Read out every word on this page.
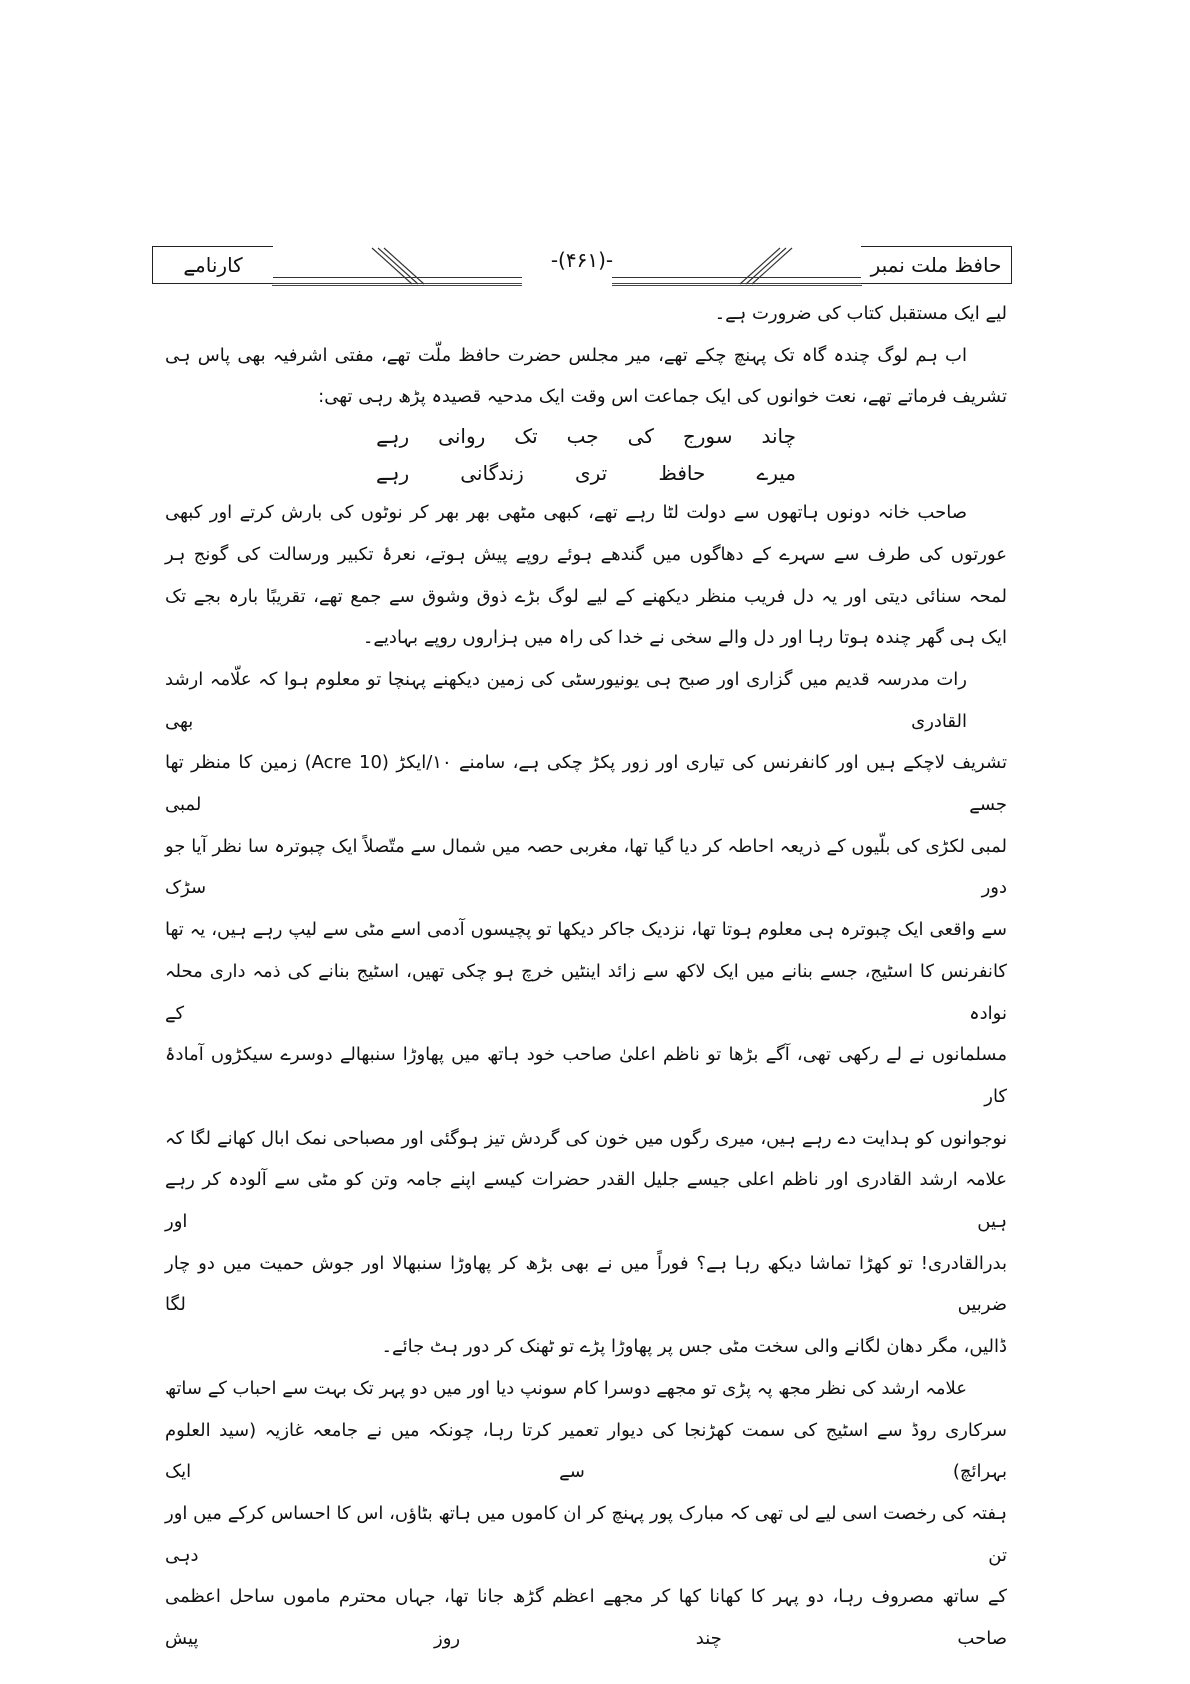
حافظ ملت نمبر
-(۴۶۱)-
کارنامے
لیے ایک مستقبل کتاب کی ضرورت ہے۔
اب ہم لوگ چندہ گاہ تک پہنچ چکے تھے، میر مجلس حضرت حافظ ملّت تھے، مفتی اشرفیہ بھی پاس ہی
تشریف فرماتے تھے، نعت خوانوں کی ایک جماعت اس وقت ایک مدحیہ قصیدہ پڑھ رہی تھی:
چاند
سورج
کی
جب
تک
روانی
رہے
میرے
حافظ
تری
زندگانی
رہے
صاحب خانہ دونوں ہاتھوں سے دولت لٹا رہے تھے، کبھی مٹھی بھر بھر کر نوٹوں کی بارش کرتے اور کبھی
عورتوں کی طرف سے سہرے کے دھاگوں میں گندھے ہوئے روپے پیش ہوتے، نعرۂ تکبیر ورسالت کی گونج ہر
لمحہ سنائی دیتی اور یہ دل فریب منظر دیکھنے کے لیے لوگ بڑے ذوق وشوق سے جمع تھے، تقریبًا بارہ بجے تک
ایک ہی گھر چندہ ہوتا رہا اور دل والے سخی نے خدا کی راہ میں ہزاروں روپے بہادیے۔
رات مدرسہ قدیم میں گزاری اور صبح ہی یونیورسٹی کی زمین دیکھنے پہنچا تو معلوم ہوا کہ علّامہ ارشد القادری بھی
تشریف لاچکے ہیں اور کانفرنس کی تیاری اور زور پکڑ چکی ہے، سامنے ۱۰/ایکڑ (10 Acre) زمین کا منظر تھا جسے لمبی
لمبی لکڑی کی بلّیوں کے ذریعہ احاطہ کر دیا گیا تھا، مغربی حصہ میں شمال سے متّصلاً ایک چبوترہ سا نظر آیا جو دور سڑک
سے واقعی ایک چبوترہ ہی معلوم ہوتا تھا، نزدیک جاکر دیکھا تو پچیسوں آدمی اسے مٹی سے لیپ رہے ہیں، یہ تھا
کانفرنس کا اسٹیج، جسے بنانے میں ایک لاکھ سے زائد اینٹیں خرچ ہو چکی تھیں، اسٹیج بنانے کی ذمہ داری محلہ نوادہ کے
مسلمانوں نے لے رکھی تھی، آگے بڑھا تو ناظم اعلیٰ صاحب خود ہاتھ میں پھاوڑا سنبھالے دوسرے سیکڑوں آمادۂ کار
نوجوانوں کو ہدایت دے رہے ہیں، میری رگوں میں خون کی گردش تیز ہوگئی اور مصباحی نمک ابال کھانے لگا کہ
علامہ ارشد القادری اور ناظم اعلی جیسے جلیل القدر حضرات کیسے اپنے جامہ وتن کو مٹی سے آلودہ کر رہے ہیں اور
بدرالقادری! تو کھڑا تماشا دیکھ رہا ہے؟ فوراً میں نے بھی بڑھ کر پھاوڑا سنبھالا اور جوش حمیت میں دو چار ضربیں لگا
ڈالیں، مگر دھان لگانے والی سخت مٹی جس پر پھاوڑا پڑے تو ٹھنک کر دور ہٹ جائے۔
علامہ ارشد کی نظر مجھ پہ پڑی تو مجھے دوسرا کام سونپ دیا اور میں دو پہر تک بہت سے احباب کے ساتھ
سرکاری روڈ سے اسٹیج کی سمت کھڑنجا کی دیوار تعمیر کرتا رہا، چونکہ میں نے جامعہ غازیہ (سید العلوم بہرائچ) سے ایک
ہفتہ کی رخصت اسی لیے لی تھی کہ مبارک پور پہنچ کر ان کاموں میں ہاتھ بٹاؤں، اس کا احساس کرکے میں اور تن دہی
کے ساتھ مصروف رہا، دو پہر کا کھانا کھا کر مجھے اعظم گڑھ جانا تھا، جہاں محترم ماموں ساحل اعظمی صاحب چند روز پیش
